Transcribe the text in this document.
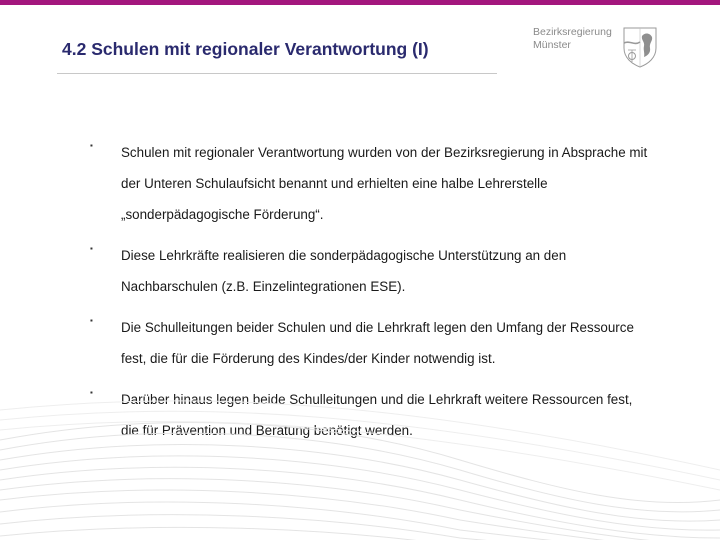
4.2 Schulen mit regionaler Verantwortung (I)
Bezirksregierung
Münster
▪ Schulen mit regionaler Verantwortung wurden von der Bezirksregierung in Absprache mit der Unteren Schulaufsicht benannt und erhielten eine halbe Lehrerstelle „sonderpädagogische Förderung“.
▪ Diese Lehrkräfte realisieren die sonderpädagogische Unterstützung an den Nachbarschulen (z.B. Einzelintegrationen ESE).
▪ Die Schulleitungen beider Schulen und die Lehrkraft legen den Umfang der Ressource fest, die für die Förderung des Kindes/der Kinder notwendig ist.
▪ Darüber hinaus legen beide Schulleitungen und die Lehrkraft weitere Ressourcen fest, die für Prävention und Beratung benötigt werden.
